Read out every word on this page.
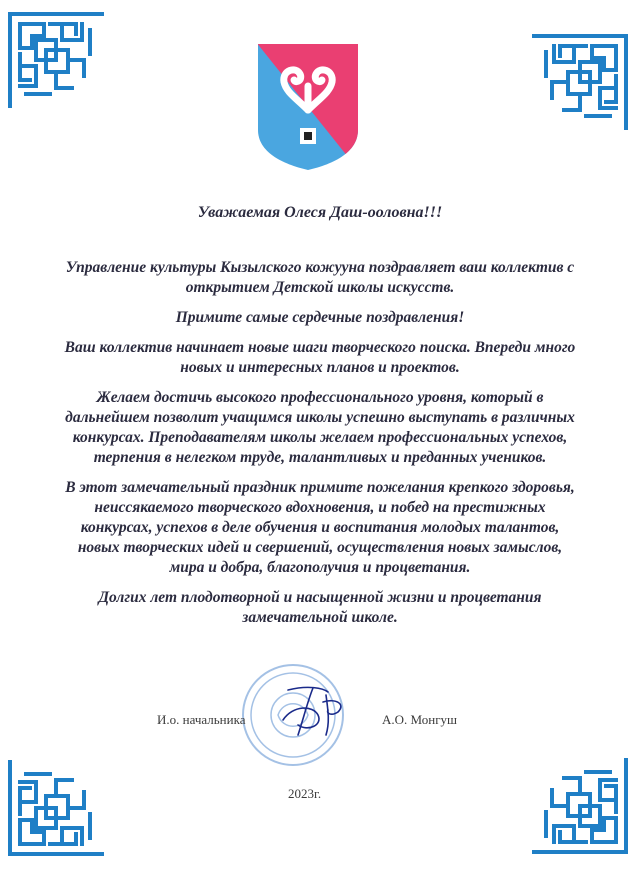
Уважаемая Олеся Даш-ооловна!!!

Управление культуры Кызылского кожууна поздравляет ваш коллектив с открытием Детской школы искусств.

Примите самые сердечные поздравления!

Ваш коллектив начинает новые шаги творческого поиска. Впереди много новых и интересных планов и проектов.

Желаем достичь высокого профессионального уровня, который в дальнейшем позволит учащимся школы успешно выступать в различных конкурсах. Преподавателям школы желаем профессиональных успехов, терпения в нелегком труде, талантливых и преданных учеников.

В этот замечательный праздник примите пожелания крепкого здоровья, неиссякаемого творческого вдохновения, и побед на престижных конкурсах, успехов в деле обучения и воспитания молодых талантов, новых творческих идей и свершений, осуществления новых замыслов, мира и добра, благополучия и процветания.

Долгих лет плодотворной и насыщенной жизни и процветания замечательной школе.

И.о. начальника	А.О. Монгуш
2023г.
